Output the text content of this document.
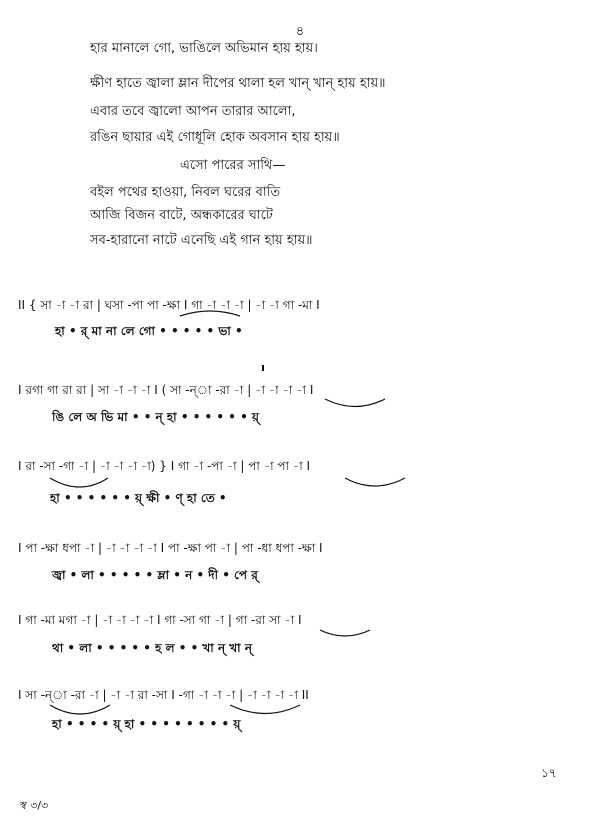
৪
হার মানালে গো, ভাঙিলে অভিমান হায় হায়।
ক্ষীণ হাতে জ্বালা ম্লান দীপের থালা হল খান্‌ খান্‌ হায় হায়॥
এবার তবে জ্বালো আপন তারার আলো,
রঙিন ছায়ার এই গোধূলি হোক অবসান হায় হায়॥
এসো পারের সাথি—
বইল পথের হাওয়া, নিবল ঘরের বাতি
আজি বিজন বাটে, অন্ধকারের ঘাটে
সব-হারানো নাটে এনেছি এই গান হায় হায়॥
II { সা -া -া রা | ঘসা -পা পা -ক্ষা I গা -া -া -া | -া -া গা -মা I
হা • র্ মা না লে গো • • • • • ভা •
I রগা গা রা রা | সা -া -া -া I ( সা -ন্‌া -রা -া | -া -া -া -া I
ঙি লে অ ভি মা • • ন্‌ হা • • • • • • য়্‌
I রা -সা -গা -া | -া -া -া -া) } I গা -া -পা -া | পা -া পা -া I
হা • • • • • • য়্‌ ক্ষী • ণ্‌ হা তে •
I পা -ক্ষা ধপা -া | -া -া -া -া I পা -ক্ষা পা -া | পা -ধা ধপা -ক্ষা I
জ্বা • লা • • • • • ম্লা • ন • দী • পে র্‌
I গা -মা মগা -া | -া -া -া -া I গা -সা গা -া | গা -রা সা -া I
থা • লা • • • • • হ ল • • খা ন্‌ খা ন্‌
I সা -ন্‌া -রা -া | -া -া রা -সা I -গা -া -া -া | -া -া -া -া II
হা • • • • য়্‌ হা • • • • • • • • য়্‌
১৭
স্ব ৩/৩
